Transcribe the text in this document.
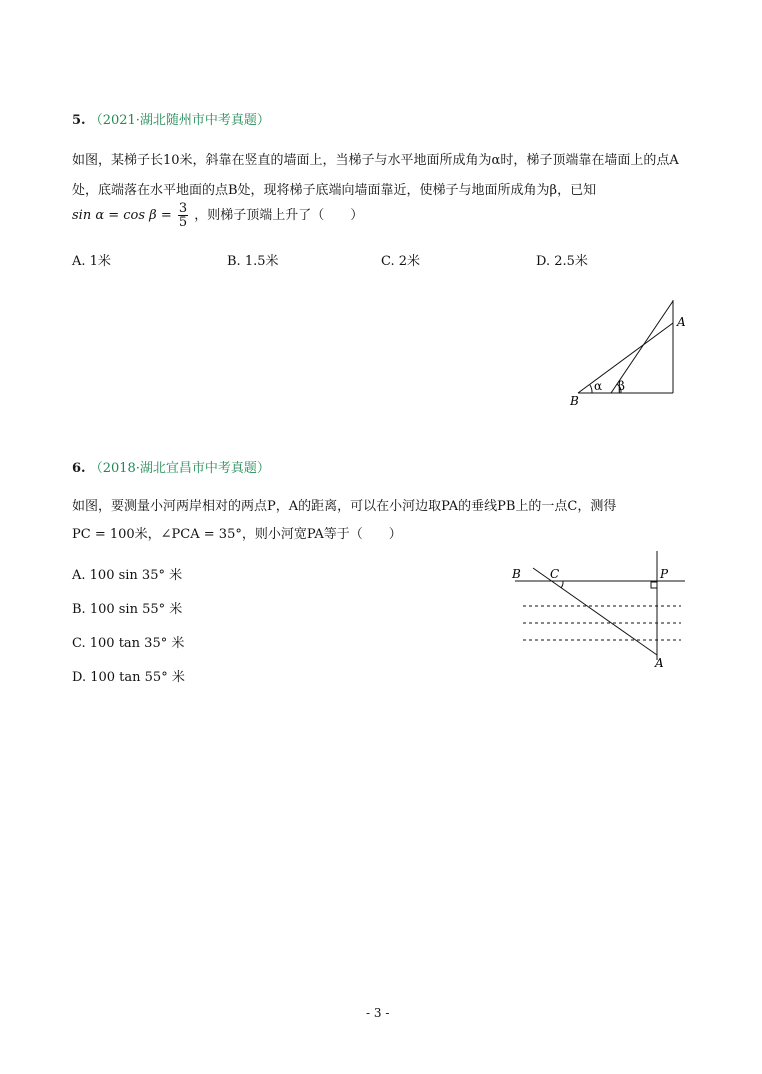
5. （2021·湖北随州市中考真题）
如图，某梯子长10米，斜靠在竖直的墙面上，当梯子与水平地面所成角为α时，梯子顶端靠在墙面上的点A
处，底端落在水平地面的点B处，现将梯子底端向墙面靠近，使梯子与地面所成角为β，已知
$\sin \alpha = \cos \beta = \frac{3}{5}$ ，则梯子顶端上升了（　　）
A. 1米	B. 1.5米	C. 2米	D. 2.5米
α β
A
B
6. （2018·湖北宜昌市中考真题）
如图，要测量小河两岸相对的两点P，A的距离，可以在小河边取PA的垂线PB上的一点C，测得
PC = 100米，∠PCA = 35°，则小河宽PA等于（　　）
A. 100 sin 35° 米
B. 100 sin 55° 米
C. 100 tan 35° 米
D. 100 tan 55° 米
B C	P
A
- 3 -
